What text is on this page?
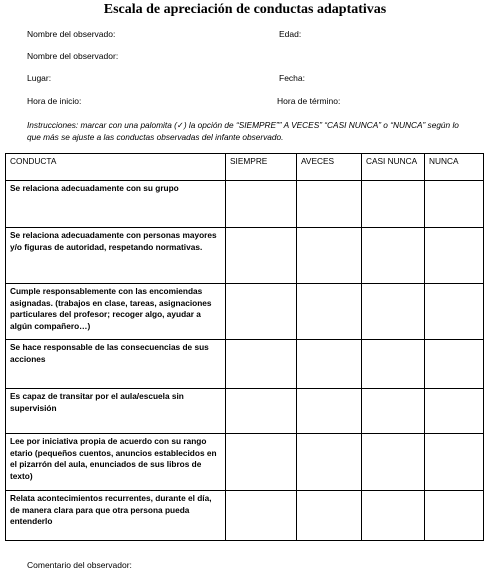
Escala de apreciación de conductas adaptativas
Nombre del observado:	Edad:
Nombre del observador:
Lugar:	Fecha:
Hora de inicio:	Hora de término:
Instrucciones: marcar con una palomita (✓) la opción de “SIEMPRE”” A VECES” “CASI NUNCA” o “NUNCA” según lo que más se ajuste a las conductas observadas del infante observado.
CONDUCTA	SIEMPRE	AVECES	CASI NUNCA	NUNCA
Se relaciona adecuadamente con su grupo				
Se relaciona adecuadamente con personas mayores y/o figuras de autoridad, respetando normativas.				
Cumple responsablemente con las encomiendas asignadas. (trabajos en clase, tareas, asignaciones particulares del profesor; recoger algo, ayudar a algún compañero…)				
Se hace responsable de las consecuencias de sus acciones				
Es capaz de transitar por el aula/escuela sin supervisión				
Lee por iniciativa propia de acuerdo con su rango etario (pequeños cuentos, anuncios establecidos en el pizarrón del aula, enunciados de sus libros de texto)				
Relata acontecimientos recurrentes, durante el día, de manera clara para que otra persona pueda entenderlo				
Comentario del observador:
